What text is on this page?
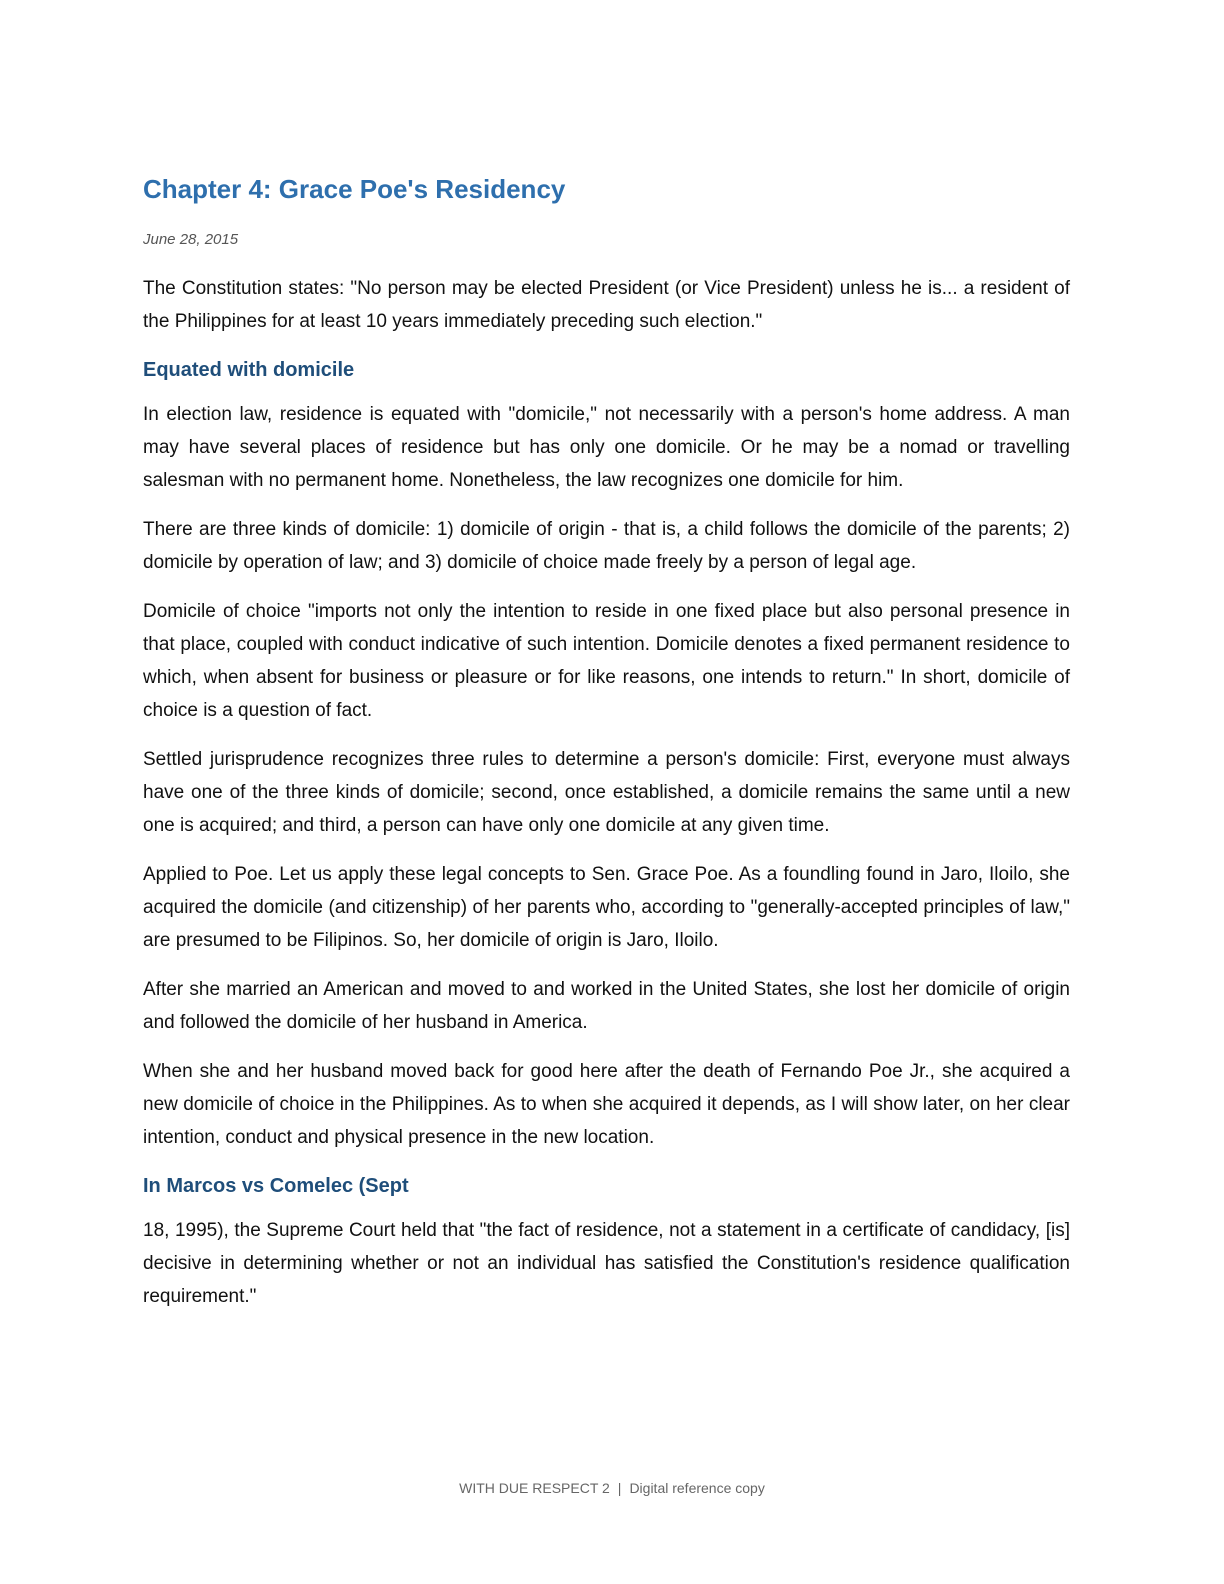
Chapter 4: Grace Poe's Residency
June 28, 2015

The Constitution states: "No person may be elected President (or Vice President) unless he is... a resident of the Philippines for at least 10 years immediately preceding such election."

Equated with domicile

In election law, residence is equated with "domicile," not necessarily with a person's home address. A man may have several places of residence but has only one domicile. Or he may be a nomad or travelling salesman with no permanent home. Nonetheless, the law recognizes one domicile for him.

There are three kinds of domicile: 1) domicile of origin - that is, a child follows the domicile of the parents; 2) domicile by operation of law; and 3) domicile of choice made freely by a person of legal age.

Domicile of choice "imports not only the intention to reside in one fixed place but also personal presence in that place, coupled with conduct indicative of such intention. Domicile denotes a fixed permanent residence to which, when absent for business or pleasure or for like reasons, one intends to return." In short, domicile of choice is a question of fact.

Settled jurisprudence recognizes three rules to determine a person's domicile: First, everyone must always have one of the three kinds of domicile; second, once established, a domicile remains the same until a new one is acquired; and third, a person can have only one domicile at any given time.

Applied to Poe. Let us apply these legal concepts to Sen. Grace Poe. As a foundling found in Jaro, Iloilo, she acquired the domicile (and citizenship) of her parents who, according to "generally-accepted principles of law," are presumed to be Filipinos. So, her domicile of origin is Jaro, Iloilo.

After she married an American and moved to and worked in the United States, she lost her domicile of origin and followed the domicile of her husband in America.

When she and her husband moved back for good here after the death of Fernando Poe Jr., she acquired a new domicile of choice in the Philippines. As to when she acquired it depends, as I will show later, on her clear intention, conduct and physical presence in the new location.

In Marcos vs Comelec (Sept

18, 1995), the Supreme Court held that "the fact of residence, not a statement in a certificate of candidacy, [is] decisive in determining whether or not an individual has satisfied the Constitution's residence qualification requirement."

WITH DUE RESPECT 2 | Digital reference copy
